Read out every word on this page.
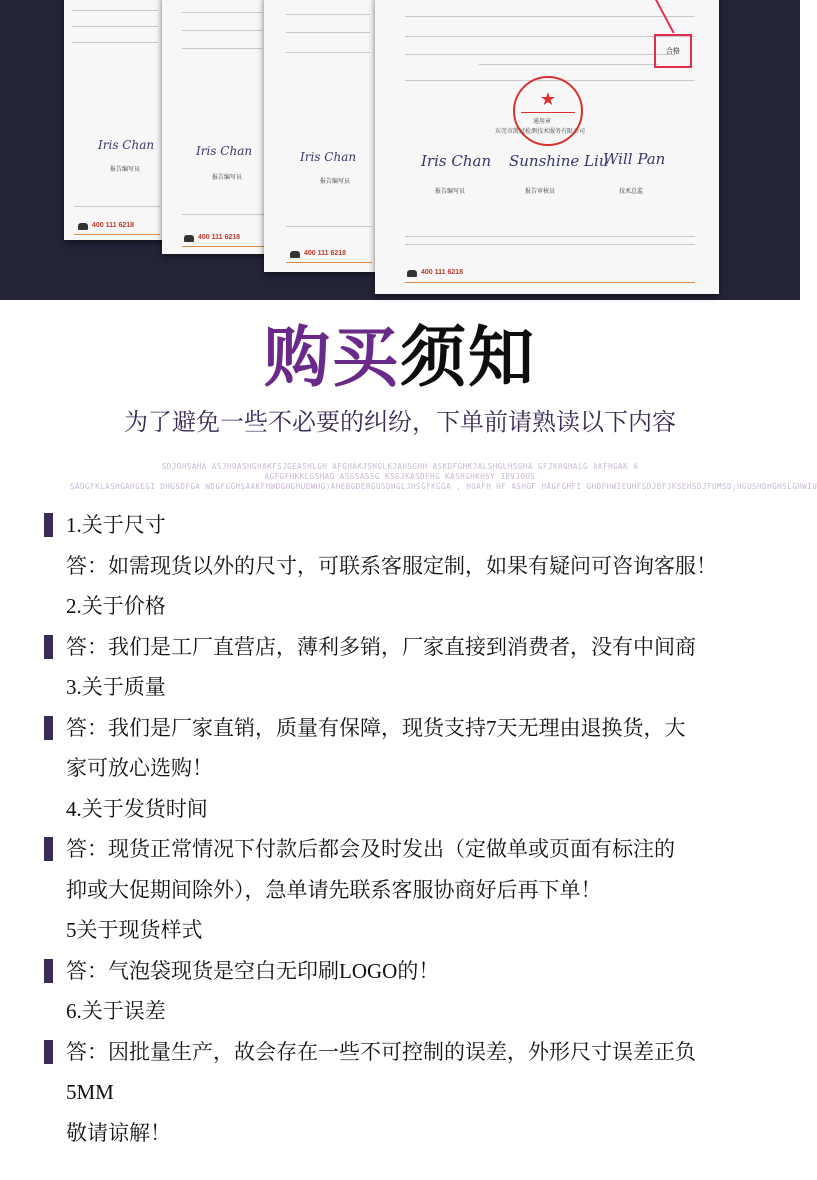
Iris Chan
报告编写员
400 111 6218
Iris Chan
报告编写员
400 111 6218
Iris Chan
报告编写员
400 111 6218
合格
★
通用章
东莞市凯冠检测技术服务有限公司
Iris Chan Sunshine Liu
Will Pan
报告编写员	报告审核员	技术总监
400 111 6218
购买须知
为了避免一些不必要的纠纷，下单前请熟读以下内容
SDJOHSAHA ASJHOASHGHAKFSJGEASHLGH AFGHAKJSHGLKJAHSGHH ASKDFGHKJALSHGLHSGHA GFJKHGHALG AKFHGAK A
AGFGFHKKLGSHAG ASGSASSG KSGJKASDFHG KASHGHKHSY 38VJOUS
SADGFKLASHGAHGEGI DHGSDFGA WDGFGGHSAAKFHWDGHGHUEWHG)AHEBGDERGUSDHGLJHSGFKGGA , HOAFH HF ASHGF HAGFGHFI GHDFHWIEUHFSDJBFJKSEHSDJFUMSD;HGUSHDHGHSLGHWIU
1.关于尺寸
答：如需现货以外的尺寸，可联系客服定制，如果有疑问可咨询客服！
2.关于价格
答：我们是工厂直营店，薄利多销，厂家直接到消费者，没有中间商
3.关于质量
答：我们是厂家直销，质量有保障，现货支持7天无理由退换货，大
家可放心选购！
4.关于发货时间
答：现货正常情况下付款后都会及时发出（定做单或页面有标注的
抑或大促期间除外），急单请先联系客服协商好后再下单！
5关于现货样式
答：气泡袋现货是空白无印刷LOGO的！
6.关于误差
答：因批量生产，故会存在一些不可控制的误差，外形尺寸误差正负
5MM
敬请谅解！
